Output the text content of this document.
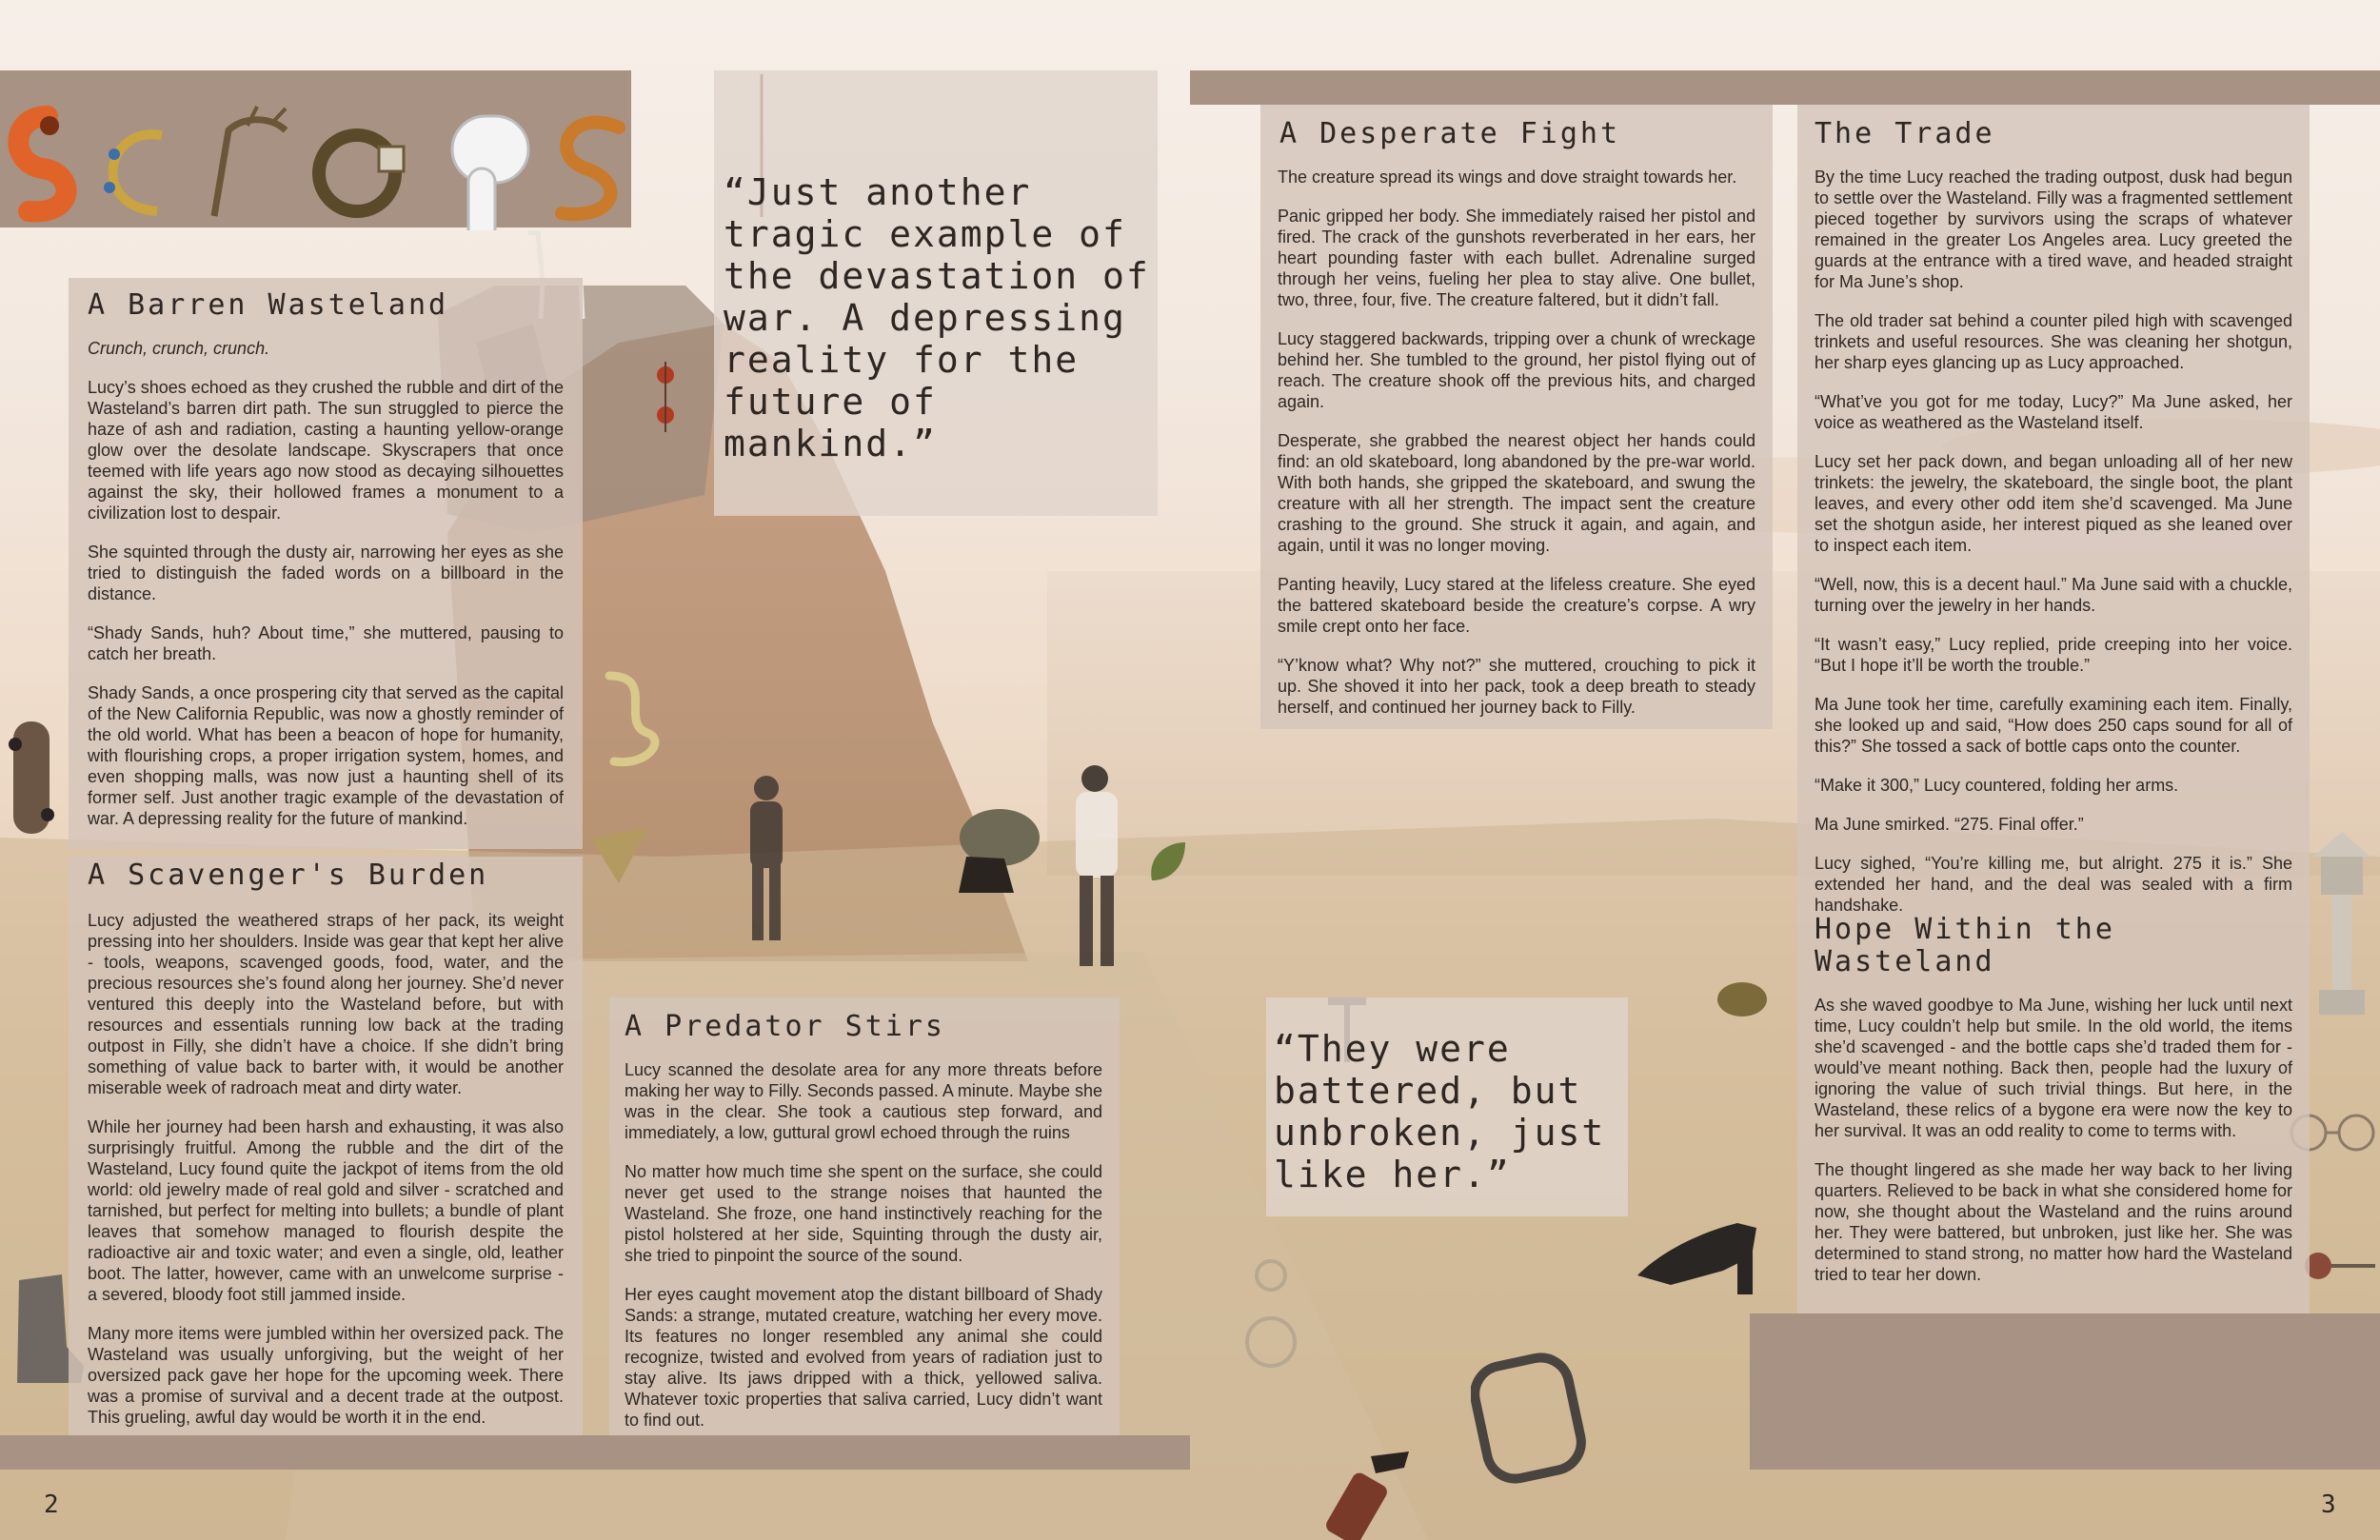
A Barren Wasteland

Crunch, crunch, crunch.

Lucy’s shoes echoed as they crushed the rubble and dirt of the Wasteland’s barren dirt path. The sun struggled to pierce the haze of ash and radiation, casting a haunting yellow-orange glow over the desolate landscape. Skyscrapers that once teemed with life years ago now stood as decaying silhouettes against the sky, their hollowed frames a monument to a civilization lost to despair.

She squinted through the dusty air, narrowing her eyes as she tried to distinguish the faded words on a billboard in the distance.

“Shady Sands, huh? About time,” she muttered, pausing to catch her breath.

Shady Sands, a once prospering city that served as the capital of the New California Republic, was now a ghostly reminder of the old world. What has been a beacon of hope for humanity, with flourishing crops, a proper irrigation system, homes, and even shopping malls, was now just a haunting shell of its former self. Just another tragic example of the devastation of war. A depressing reality for the future of mankind.

A Scavenger's Burden

Lucy adjusted the weathered straps of her pack, its weight pressing into her shoulders. Inside was gear that kept her alive - tools, weapons, scavenged goods, food, water, and the precious resources she’s found along her journey. She’d never ventured this deeply into the Wasteland before, but with resources and essentials running low back at the trading outpost in Filly, she didn’t have a choice. If she didn’t bring something of value back to barter with, it would be another miserable week of radroach meat and dirty water.

While her journey had been harsh and exhausting, it was also surprisingly fruitful. Among the rubble and the dirt of the Wasteland, Lucy found quite the jackpot of items from the old world: old jewelry made of real gold and silver - scratched and tarnished, but perfect for melting into bullets; a bundle of plant leaves that somehow managed to flourish despite the radioactive air and toxic water; and even a single, old, leather boot. The latter, however, came with an unwelcome surprise - a severed, bloody foot still jammed inside.

Many more items were jumbled within her oversized pack. The Wasteland was usually unforgiving, but the weight of her oversized pack gave her hope for the upcoming week. There was a promise of survival and a decent trade at the outpost. This grueling, awful day would be worth it in the end.

“Just another tragic example of the devastation of war. A depressing reality for the future of mankind.”
A Predator Stirs

Lucy scanned the desolate area for any more threats before making her way to Filly. Seconds passed. A minute. Maybe she was in the clear. She took a cautious step forward, and immediately, a low, guttural growl echoed through the ruins

No matter how much time she spent on the surface, she could never get used to the strange noises that haunted the Wasteland. She froze, one hand instinctively reaching for the pistol holstered at her side, Squinting through the dusty air, she tried to pinpoint the source of the sound.

Her eyes caught movement atop the distant billboard of Shady Sands: a strange, mutated creature, watching her every move. Its features no longer resembled any animal she could recognize, twisted and evolved from years of radiation just to stay alive. Its jaws dripped with a thick, yellowed saliva. Whatever toxic properties that saliva carried, Lucy didn’t want to find out.

A Desperate Fight

The creature spread its wings and dove straight towards her.

Panic gripped her body. She immediately raised her pistol and fired. The crack of the gunshots reverberated in her ears, her heart pounding faster with each bullet. Adrenaline surged through her veins, fueling her plea to stay alive. One bullet, two, three, four, five. The creature faltered, but it didn’t fall.

Lucy staggered backwards, tripping over a chunk of wreckage behind her. She tumbled to the ground, her pistol flying out of reach. The creature shook off the previous hits, and charged again.

Desperate, she grabbed the nearest object her hands could find: an old skateboard, long abandoned by the pre-war world. With both hands, she gripped the skateboard, and swung the creature with all her strength. The impact sent the creature crashing to the ground. She struck it again, and again, and again, until it was no longer moving.

Panting heavily, Lucy stared at the lifeless creature. She eyed the battered skateboard beside the creature’s corpse. A wry smile crept onto her face.

“Y’know what? Why not?” she muttered, crouching to pick it up. She shoved it into her pack, took a deep breath to steady herself, and continued her journey back to Filly.

The Trade

By the time Lucy reached the trading outpost, dusk had begun to settle over the Wasteland. Filly was a fragmented settlement pieced together by survivors using the scraps of whatever remained in the greater Los Angeles area. Lucy greeted the guards at the entrance with a tired wave, and headed straight for Ma June’s shop.

The old trader sat behind a counter piled high with scavenged trinkets and useful resources. She was cleaning her shotgun, her sharp eyes glancing up as Lucy approached.

“What’ve you got for me today, Lucy?” Ma June asked, her voice as weathered as the Wasteland itself.

Lucy set her pack down, and began unloading all of her new trinkets: the jewelry, the skateboard, the single boot, the plant leaves, and every other odd item she’d scavenged. Ma June set the shotgun aside, her interest piqued as she leaned over to inspect each item.

“Well, now, this is a decent haul.” Ma June said with a chuckle, turning over the jewelry in her hands.

“It wasn’t easy,” Lucy replied, pride creeping into her voice. “But I hope it’ll be worth the trouble.”

Ma June took her time, carefully examining each item. Finally, she looked up and said, “How does 250 caps sound for all of this?” She tossed a sack of bottle caps onto the counter.

“Make it 300,” Lucy countered, folding her arms.

Ma June smirked. “275. Final offer.”

Lucy sighed, “You’re killing me, but alright. 275 it is.” She extended her hand, and the deal was sealed with a firm handshake.

Hope Within the Wasteland

As she waved goodbye to Ma June, wishing her luck until next time, Lucy couldn’t help but smile. In the old world, the items she’d scavenged - and the bottle caps she’d traded them for - would’ve meant nothing. Back then, people had the luxury of ignoring the value of such trivial things. But here, in the Wasteland, these relics of a bygone era were now the key to her survival. It was an odd reality to come to terms with.

The thought lingered as she made her way back to her living quarters. Relieved to be back in what she considered home for now, she thought about the Wasteland and the ruins around her. They were battered, but unbroken, just like her. She was determined to stand strong, no matter how hard the Wasteland tried to tear her down.

“They were battered, but unbroken, just like her.”
2	3
